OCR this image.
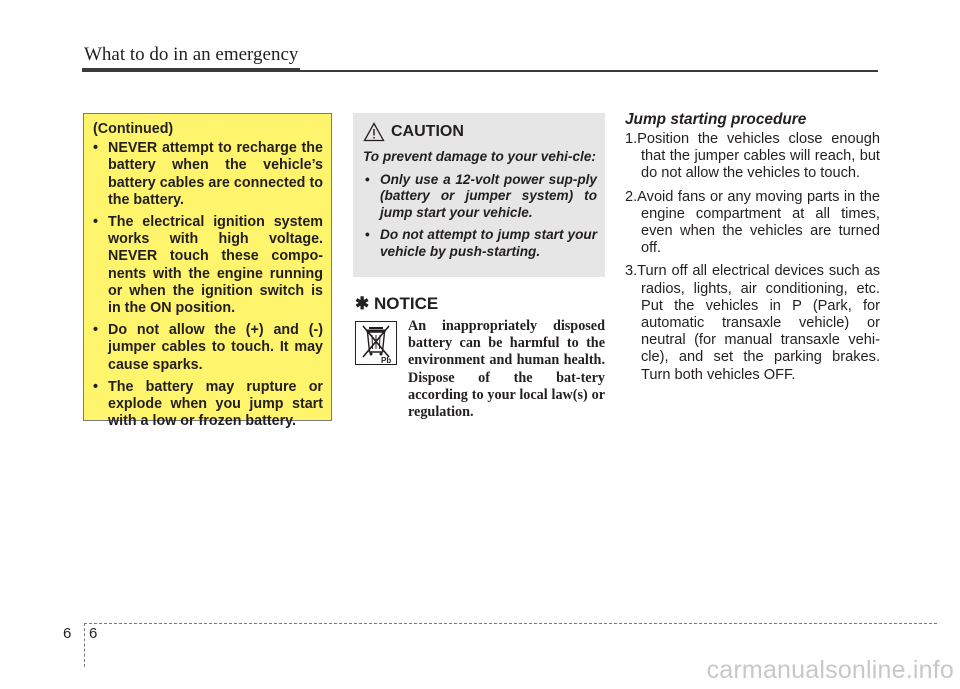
What to do in an emergency
(Continued)
• NEVER attempt to recharge the battery when the vehicle’s battery cables are connected to the battery.
• The electrical ignition system works with high voltage. NEVER touch these compo-nents with the engine running or when the ignition switch is in the ON position.
• Do not allow the (+) and (-) jumper cables to touch. It may cause sparks.
• The battery may rupture or explode when you jump start with a low or frozen battery.
CAUTION
To prevent damage to your vehi-cle:
• Only use a 12-volt power sup-ply (battery or jumper system) to jump start your vehicle.
• Do not attempt to jump start your vehicle by push-starting.
✱ NOTICE
Pb
An inappropriately disposed battery can be harmful to the environment and human health. Dispose of the bat-tery according to your local law(s) or regulation.
Jump starting procedure
1.Position the vehicles close enough that the jumper cables will reach, but do not allow the vehicles to touch.
2.Avoid fans or any moving parts in the engine compartment at all times, even when the vehicles are turned off.
3.Turn off all electrical devices such as radios, lights, air conditioning, etc. Put the vehicles in P (Park, for automatic transaxle vehicle) or neutral (for manual transaxle vehi-cle), and set the parking brakes. Turn both vehicles OFF.
6 6
carmanualsonline.info
